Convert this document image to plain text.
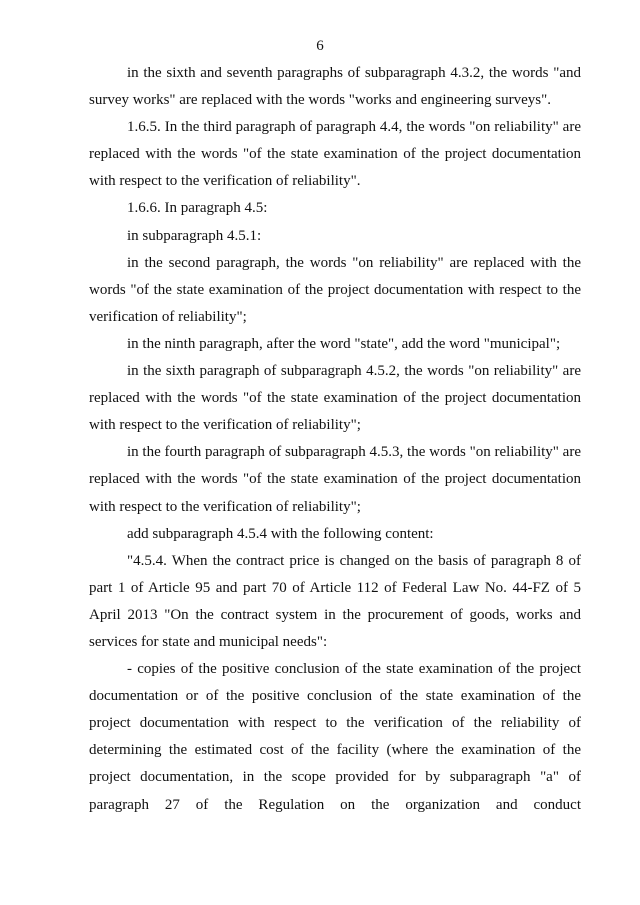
6

in the sixth and seventh paragraphs of subparagraph 4.3.2, the words "and survey works" are replaced with the words "works and engineering surveys".

1.6.5. In the third paragraph of paragraph 4.4, the words "on reliability" are replaced with the words "of the state examination of the project documentation with respect to the verification of reliability".

1.6.6. In paragraph 4.5:

in subparagraph 4.5.1:

in the second paragraph, the words "on reliability" are replaced with the words "of the state examination of the project documentation with respect to the verification of reliability";

in the ninth paragraph, after the word "state", add the word "municipal";

in the sixth paragraph of subparagraph 4.5.2, the words "on reliability" are replaced with the words "of the state examination of the project documentation with respect to the verification of reliability";

in the fourth paragraph of subparagraph 4.5.3, the words "on reliability" are replaced with the words "of the state examination of the project documentation with respect to the verification of reliability";

add subparagraph 4.5.4 with the following content:

"4.5.4. When the contract price is changed on the basis of paragraph 8 of part 1 of Article 95 and part 70 of Article 112 of Federal Law No. 44-FZ of 5 April 2013 "On the contract system in the procurement of goods, works and services for state and municipal needs":

- copies of the positive conclusion of the state examination of the project documentation or of the positive conclusion of the state examination of the project documentation with respect to the verification of the reliability of determining the estimated cost of the facility (where the examination of the project documentation, in the scope provided for by subparagraph "a" of paragraph 27 of the Regulation on the organization and conduct
